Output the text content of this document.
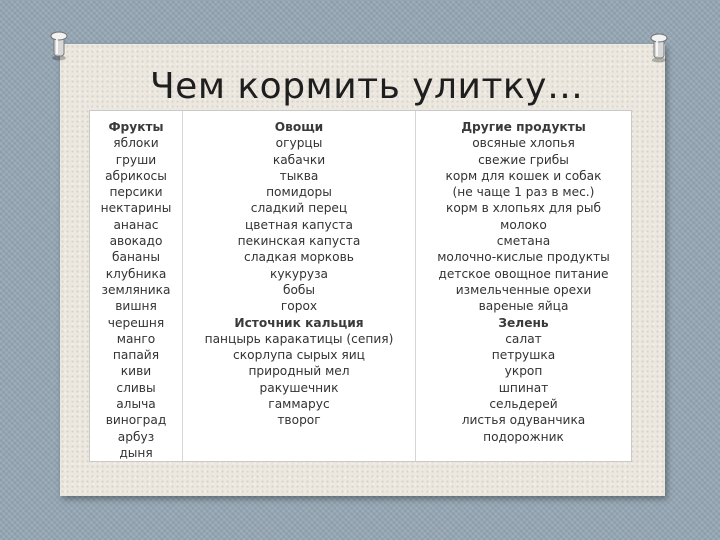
Чем кормить улитку…
Фрукты
яблоки
груши
абрикосы
персики
нектарины
ананас
авокадо
бананы
клубника
земляника
вишня
черешня
манго
папайя
киви
сливы
алыча
виноград
арбуз
дыня
Овощи
огурцы
кабачки
тыква
помидоры
сладкий перец
цветная капуста
пекинская капуста
сладкая морковь
кукуруза
бобы
горох
Источник кальция
панцырь каракатицы (сепия)
скорлупа сырых яиц
природный мел
ракушечник
гаммарус
творог
Другие продукты
овсяные хлопья
свежие грибы
корм для кошек и собак
(не чаще 1 раз в мес.)
корм в хлопьях для рыб
молоко
сметана
молочно-кислые продукты
детское овощное питание
измельченные орехи
вареные яйца
Зелень
салат
петрушка
укроп
шпинат
сельдерей
листья одуванчика
подорожник
